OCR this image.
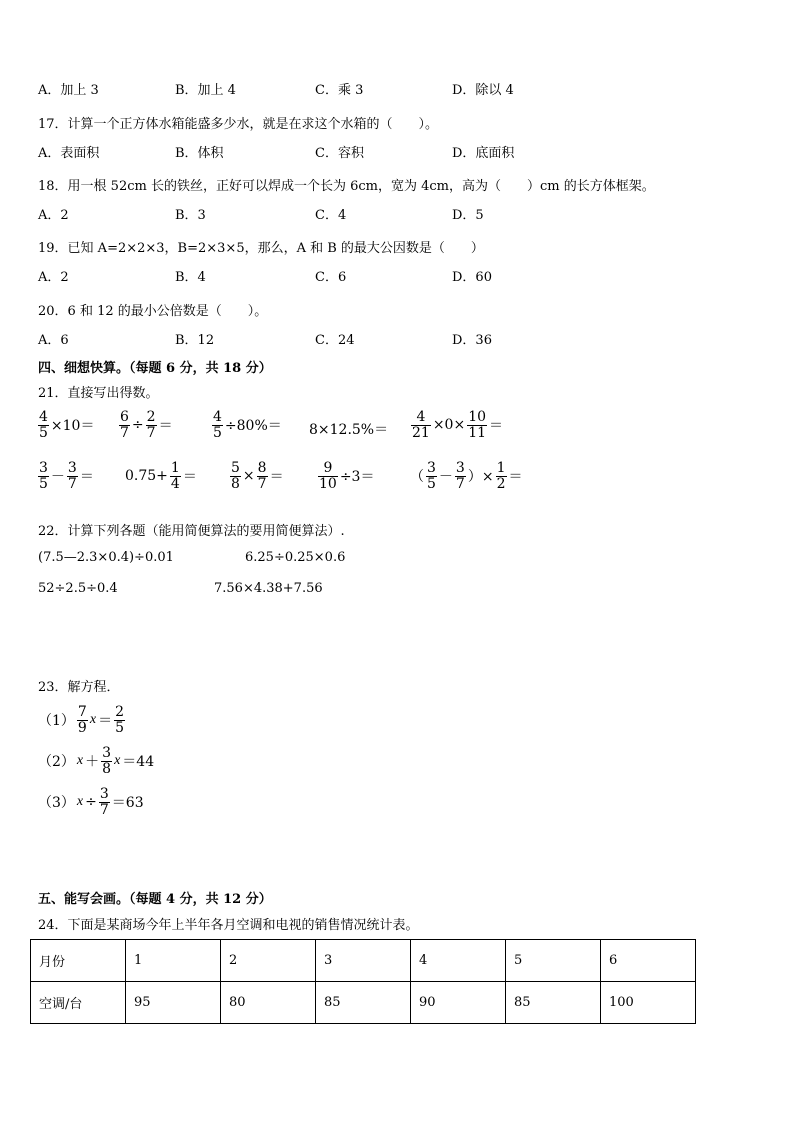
A．加上 3	B．加上 4	C．乘 3	D．除以 4
17．计算一个正方体水箱能盛多少水，就是在求这个水箱的（　　）。
A．表面积	B．体积	C．容积	D．底面积
18．用一根 52cm 长的铁丝，正好可以焊成一个长为 6cm，宽为 4cm，高为（　　）cm 的长方体框架。
A．2	B．3	C．4	D．5
19．已知 A=2×2×3，B=2×3×5，那么，A 和 B 的最大公因数是（　　）
A．2	B．4	C．6	D．60
20．6 和 12 的最小公倍数是（　　）。
A．6	B．12	C．24	D．36
四、细想快算。（每题 6 分，共 18 分）
21．直接写出得数。
$\frac{4}{5} \times 10= \frac{6}{7} \div \frac{2}{7}$ ＝	$\frac{4}{5} \div 80\%= 8\times 12.5\%= \frac{4}{21} \times 0\times \frac{10}{11}$ ＝
$\frac{3}{5} - \frac{3}{7} = 0.75+ \frac{1}{4} = \frac{5}{8} \times \frac{8}{7} = \frac{9}{10} \div 3=$	（ $\frac{3}{5} - \frac{3}{7}$ ）× $\frac{1}{2}$ ＝
22．计算下列各题（能用简便算法的要用简便算法）.
(7.5—2.3×0.4)÷0.01	6.25÷0.25×0.6
52÷2.5÷0.4	7.56×4.38+7.56
23．解方程．
$(1) \frac{7}{9}$ $x = \frac{2}{5}$
（2） $x + \frac{3}{8}$ x ＝44
（3） $x \div \frac{3}{7} =63$
五、能写会画。（每题 4 分，共 12 分）
24．下面是某商场今年上半年各月空调和电视的销售情况统计表。
月份	1	2	3	4	5	6
空调/台	95	80	85	90	85	100
